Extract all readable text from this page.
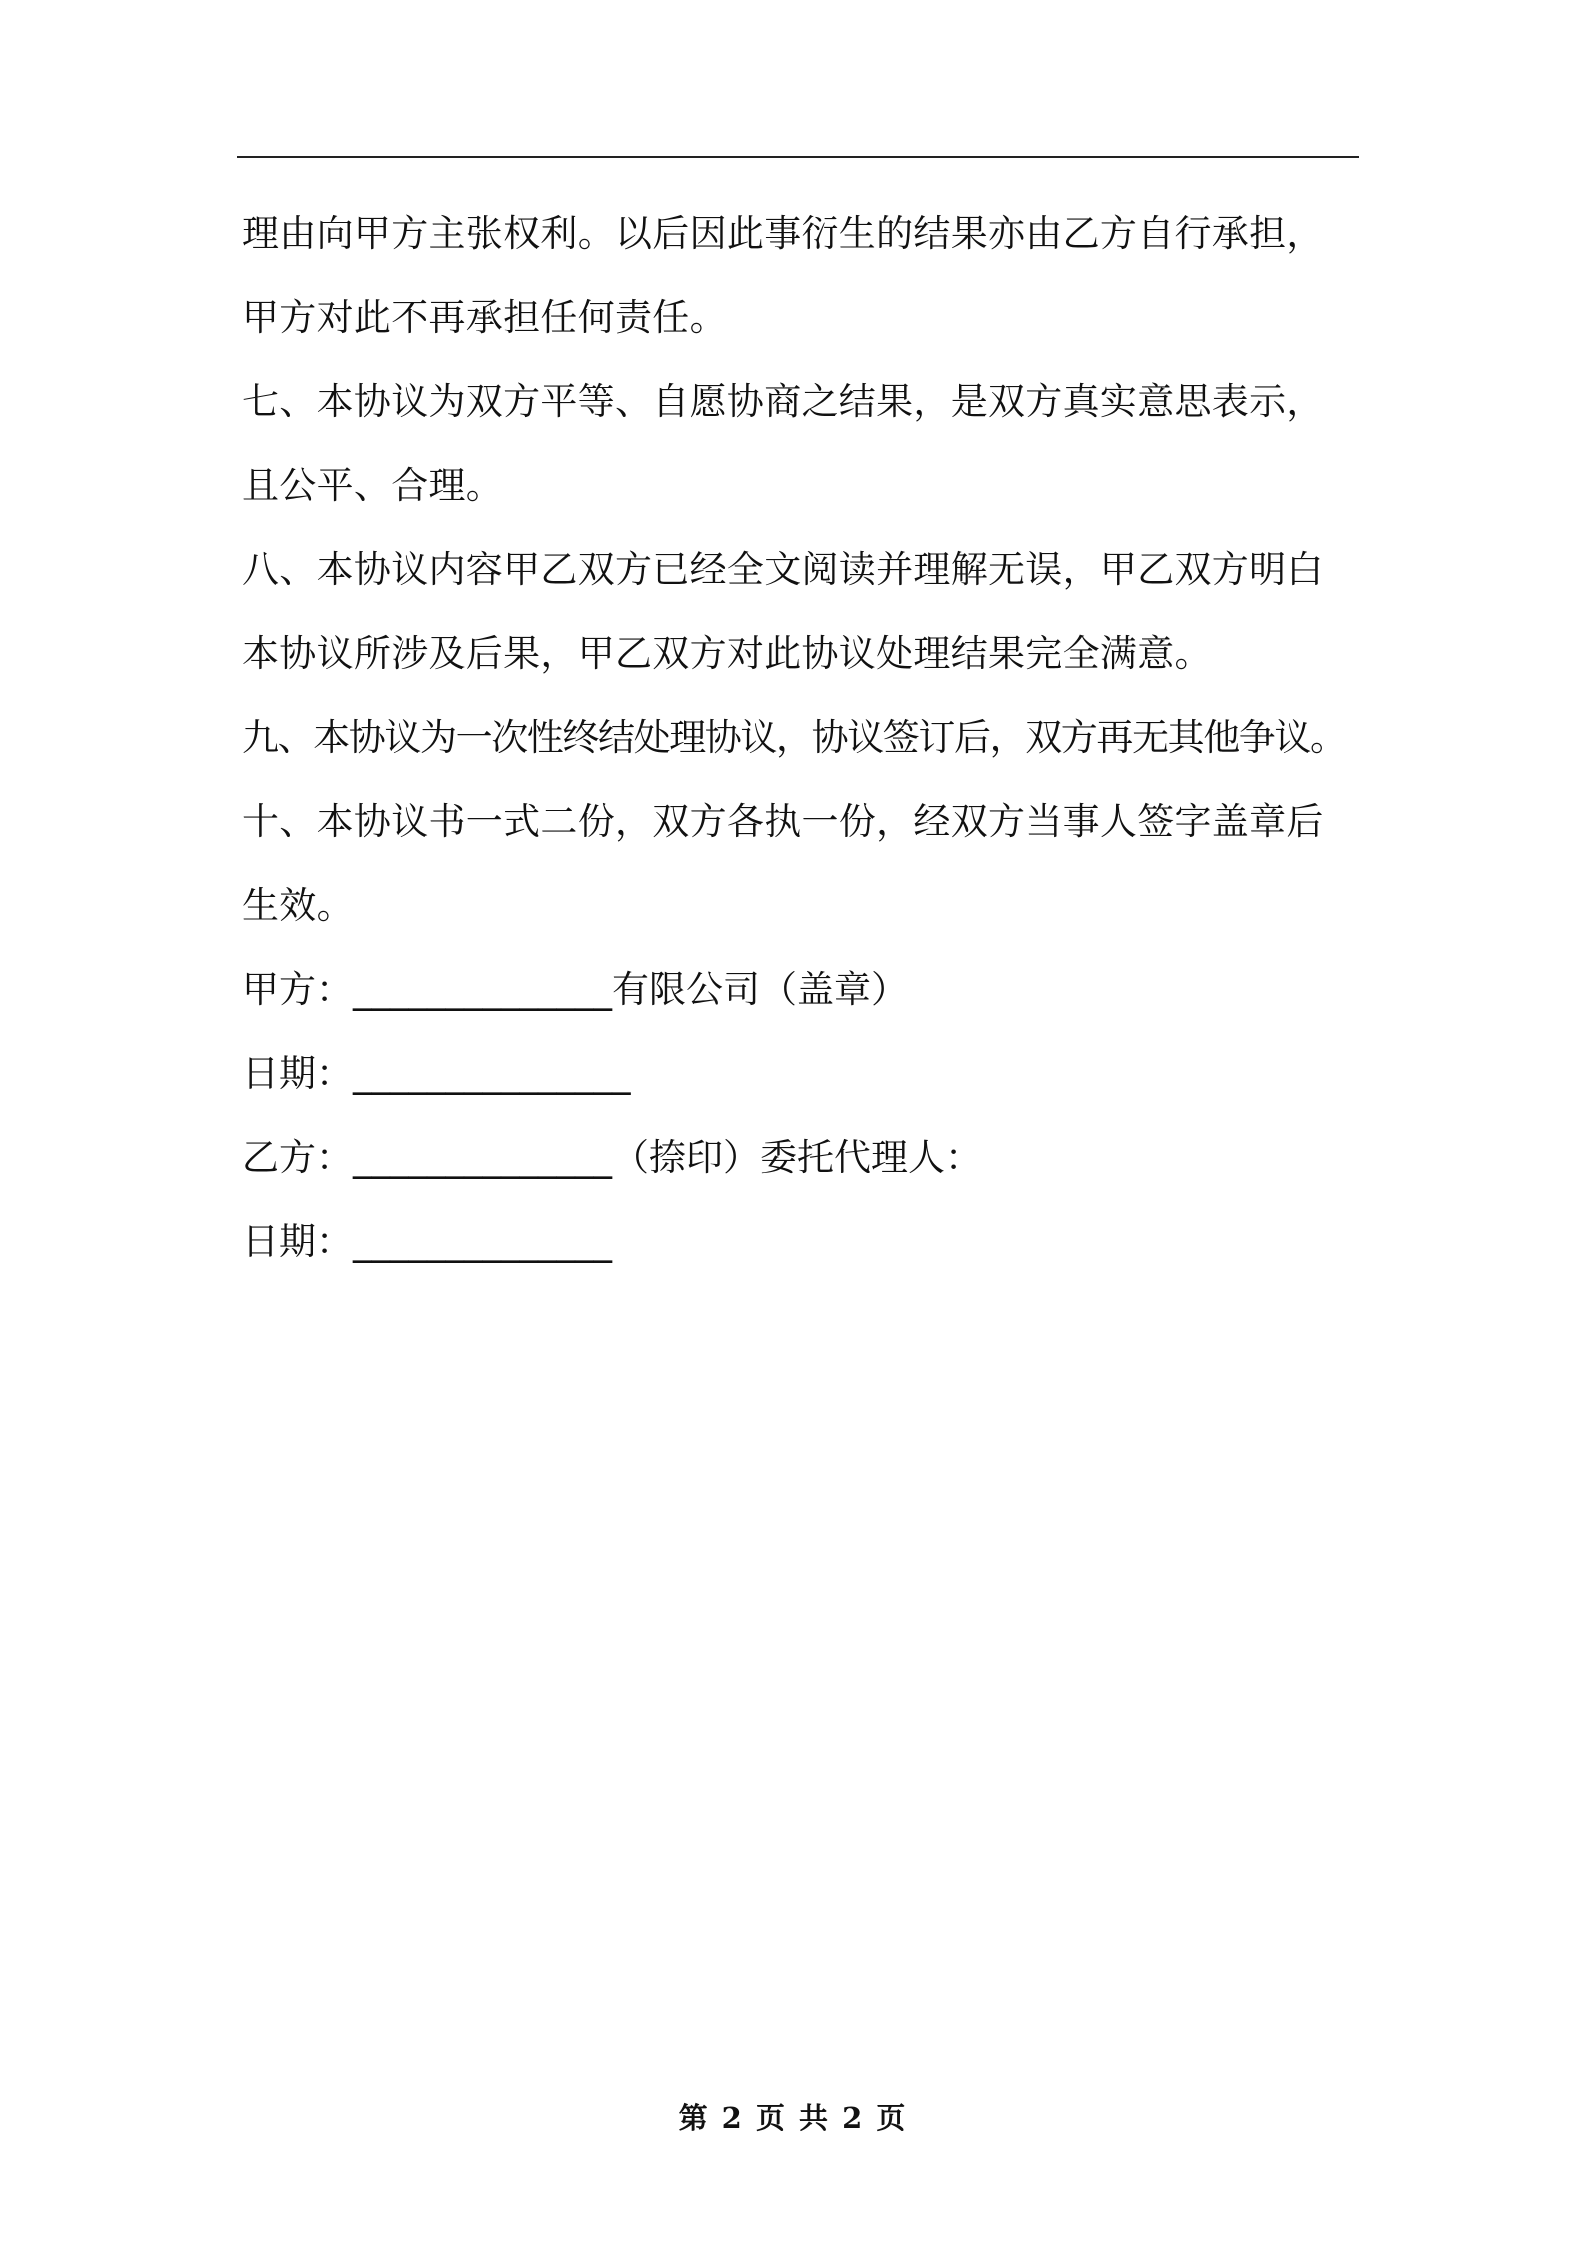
理由向甲方主张权利。以后因此事衍生的结果亦由乙方自行承担，甲方对此不再承担任何责任。

七、本协议为双方平等、自愿协商之结果，是双方真实意思表示，且公平、合理。

八、本协议内容甲乙双方已经全文阅读并理解无误，甲乙双方明白本协议所涉及后果，甲乙双方对此协议处理结果完全满意。

九、本协议为一次性终结处理协议，协议签订后，双方再无其他争议。

十、本协议书一式二份，双方各执一份，经双方当事人签字盖章后生效。

甲方：______________有限公司（盖章）

日期：_______________

乙方：______________（捺印）委托代理人：

日期：______________

第 2 页 共 2 页
